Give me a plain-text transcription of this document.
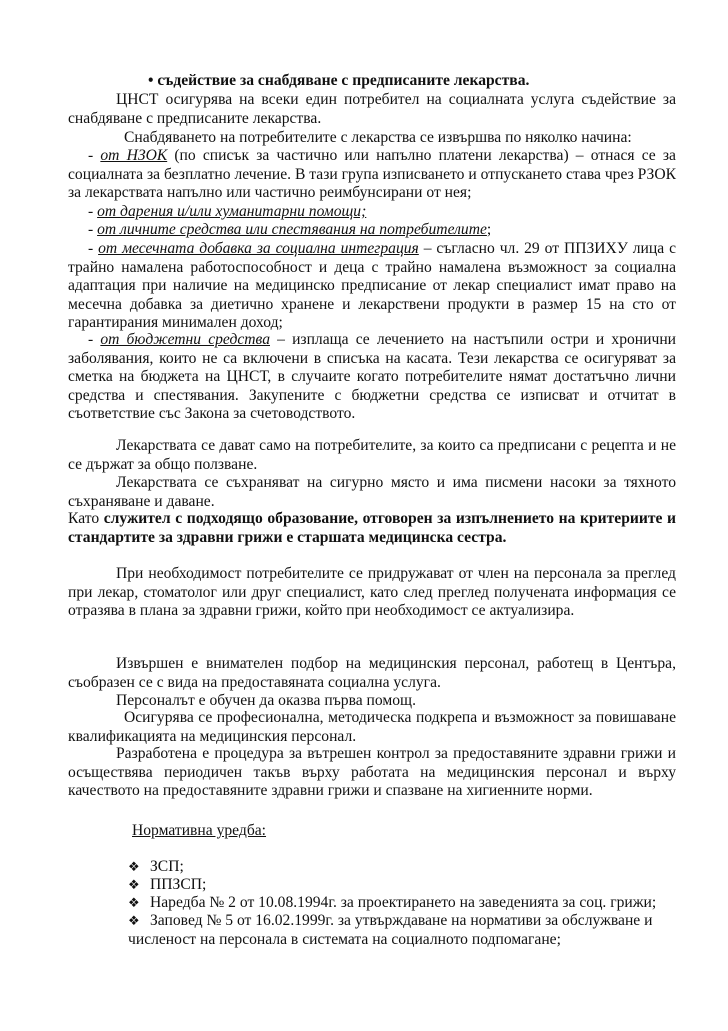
• съдействие за снабдяване с предписаните лекарства.

ЦНСТ осигурява на всеки един потребител на социалната услуга съдействие за снабдяване с предписаните лекарства.

Снабдяването на потребителите с лекарства се извършва по няколко начина:

- от НЗОК (по списък за частично или напълно платени лекарства) – отнася се за социалната за безплатно лечение. В тази група изписването и отпускането става чрез РЗОК за лекарствата напълно или частично реимбунсирани от нея;

- от дарения и/или хуманитарни помощи;

- от личните средства или спестявания на потребителите;

- от месечната добавка за социална интеграция – съгласно чл. 29 от ППЗИХУ лица с трайно намалена работоспособност и деца с трайно намалена възможност за социална адаптация при наличие на медицинско предписание от лекар специалист имат право на месечна добавка за диетично хранене и лекарствени продукти в размер 15 на сто от гарантирания минимален доход;

- от бюджетни средства – изплаща се лечението на настъпили остри и хронични заболявания, които не са включени в списъка на касата. Тези лекарства се осигуряват за сметка на бюджета на ЦНСТ, в случаите когато потребителите нямат достатъчно лични средства и спестявания. Закупените с бюджетни средства се изписват и отчитат в съответствие със Закона за счетоводството.

Лекарствата се дават само на потребителите, за които са предписани с рецепта и не се държат за общо ползване.

Лекарствата се съхраняват на сигурно място и има писмени насоки за тяхното съхраняване и даване.

Като служител с подходящо образование, отговорен за изпълнението на критериите и стандартите за здравни грижи е старшата медицинска сестра.

При необходимост потребителите се придружават от член на персонала за преглед при лекар, стоматолог или друг специалист, като след преглед получената информация се отразява в плана за здравни грижи, който при необходимост се актуализира.

Извършен е внимателен подбор на медицинския персонал, работещ в Центъра, съобразен се с вида на предоставяната социална услуга.

Персоналът е обучен да оказва първа помощ.

Осигурява се професионална, методическа подкрепа и възможност за повишаване квалификацията на медицинския персонал.

Разработена е процедура за вътрешен контрол за предоставяните здравни грижи и осъществява периодичен такъв върху работата на медицинския персонал и върху качеството на предоставяните здравни грижи и спазване на хигиенните норми.

Нормативна уредба:
❖ ЗСП;
❖ ППЗСП;
❖ Наредба № 2 от 10.08.1994г. за проектирането на заведенията за соц. грижи;
❖ Заповед № 5 от 16.02.1999г. за утвърждаване на нормативи за обслужване и численост на персонала в системата на социалното подпомагане;
